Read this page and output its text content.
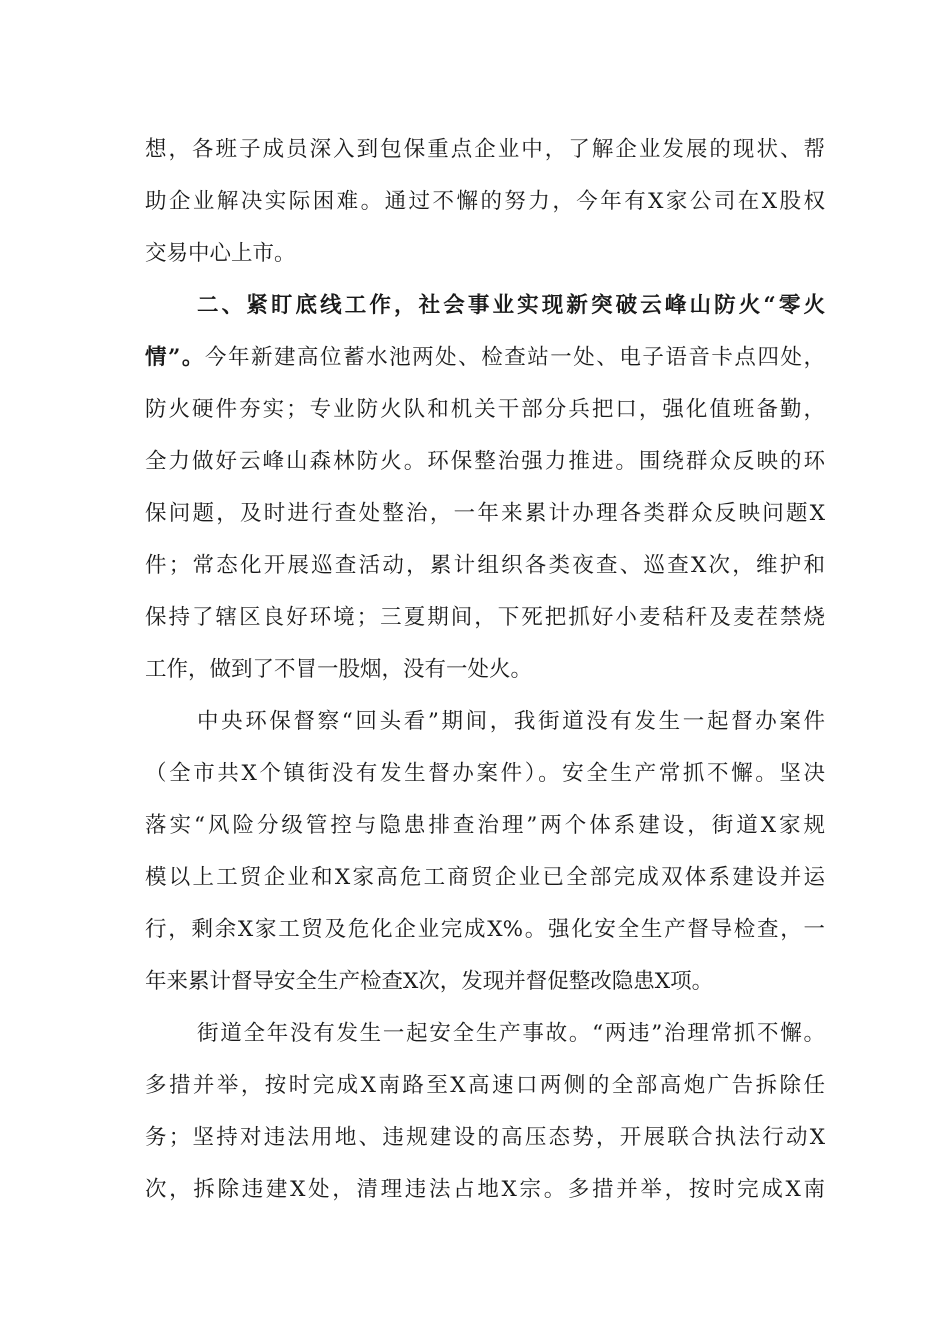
想，各班子成员深入到包保重点企业中，了解企业发展的现状、帮
助企业解决实际困难。通过不懈的努力，今年有X家公司在X股权
交易中心上市。
二、紧盯底线工作，社会事业实现新突破云峰山防火“零火
情”。今年新建高位蓄水池两处、检查站一处、电子语音卡点四处，
防火硬件夯实；专业防火队和机关干部分兵把口，强化值班备勤，
全力做好云峰山森林防火。环保整治强力推进。围绕群众反映的环
保问题，及时进行查处整治，一年来累计办理各类群众反映问题X
件；常态化开展巡查活动，累计组织各类夜查、巡查X次，维护和
保持了辖区良好环境；三夏期间，下死把抓好小麦秸秆及麦茬禁烧
工作，做到了不冒一股烟，没有一处火。
中央环保督察“回头看”期间，我街道没有发生一起督办案件
（全市共X个镇街没有发生督办案件）。安全生产常抓不懈。坚决
落实“风险分级管控与隐患排查治理”两个体系建设，街道X家规
模以上工贸企业和X家高危工商贸企业已全部完成双体系建设并运
行，剩余X家工贸及危化企业完成X%。强化安全生产督导检查，一
年来累计督导安全生产检查X次，发现并督促整改隐患X项。
街道全年没有发生一起安全生产事故。“两违”治理常抓不懈。
多措并举，按时完成X南路至X高速口两侧的全部高炮广告拆除任
务；坚持对违法用地、违规建设的高压态势，开展联合执法行动X
次，拆除违建X处，清理违法占地X宗。多措并举，按时完成X南
